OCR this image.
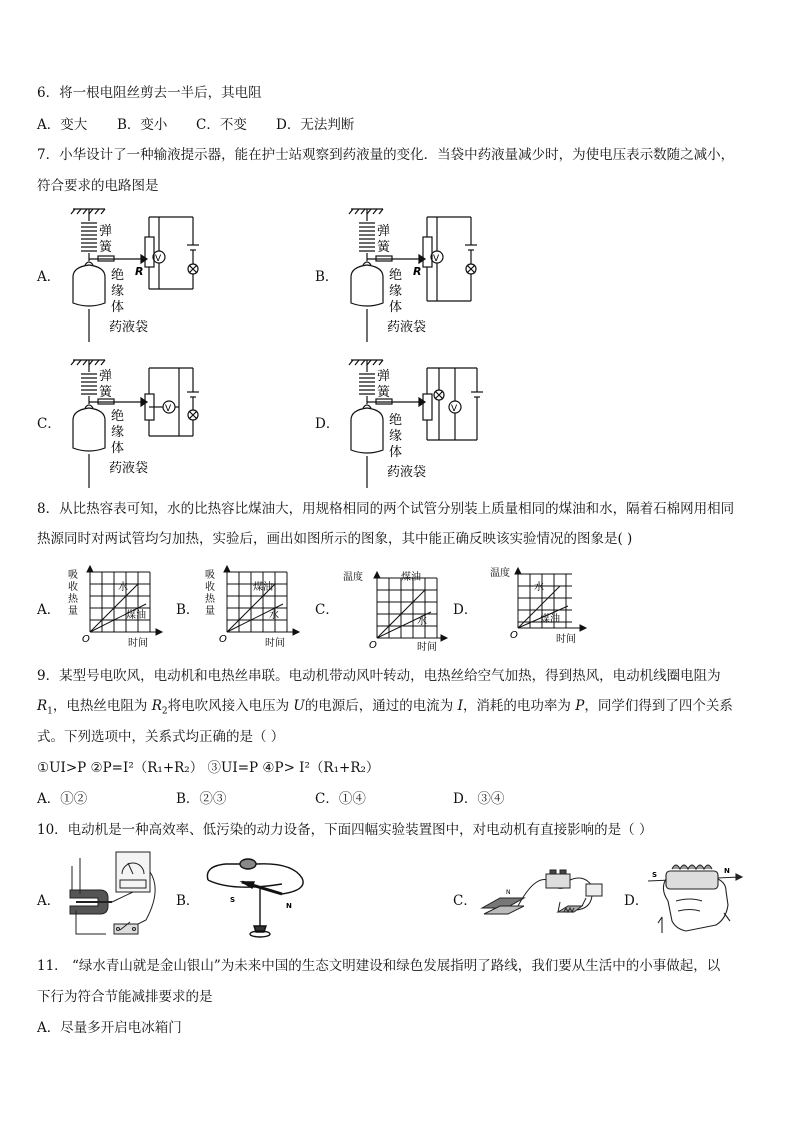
6．将一根电阻丝剪去一半后，其电阻
A．变大 B．变小 C．不变 D．无法判断
7．小华设计了一种输液提示器，能在护士站观察到药液量的变化．当袋中药液量减少时，为使电压表示数随之减小，
符合要求的电路图是
A．	B．
C．	D．
弹
簧
绝
缘
体
药液袋
R
V
弹
簧
绝
缘
体
药液袋
R
V
弹
簧
绝
缘
体
药液袋
V
弹
簧
绝
缘
体
药液袋
V
8．从比热容表可知，水的比热容比煤油大，用规格相同的两个试管分别装上质量相同的煤油和水，隔着石棉网用相同
热源同时对两试管均匀加热，实验后，画出如图所示的图象，其中能正确反映该实验情况的图象是( )
A．	B．	C．	D．
吸
收
热
量
水
煤油
O	时间
吸
收
热
量
煤油
水
O	时间
温度	煤油
水
O	时间
温度
水
煤油
O	时间
9．某型号电吹风，电动机和电热丝串联。电动机带动风叶转动，电热丝给空气加热，得到热风，电动机线圈电阻为
$R_1$，电热丝电阻为 $R_2$将电吹风接入电压为 U的电源后，通过的电流为 I，消耗的电功率为 P，同学们得到了四个关系
式。下列选项中，关系式均正确的是（ ）
①UI>P ②P=I²（R₁+R₂） ③UI=P ④P> I²（R₁+R₂）
A．①②	B．②③	C．①④	D．③④
10．电动机是一种高效率、低污染的动力设备，下面四幅实验装置图中，对电动机有直接影响的是（ ）
A．	B．	C．	D．
S
N
N
S	N
11． “绿水青山就是金山银山”为未来中国的生态文明建设和绿色发展指明了路线，我们要从生活中的小事做起，以
下行为符合节能减排要求的是
A．尽量多开启电冰箱门
